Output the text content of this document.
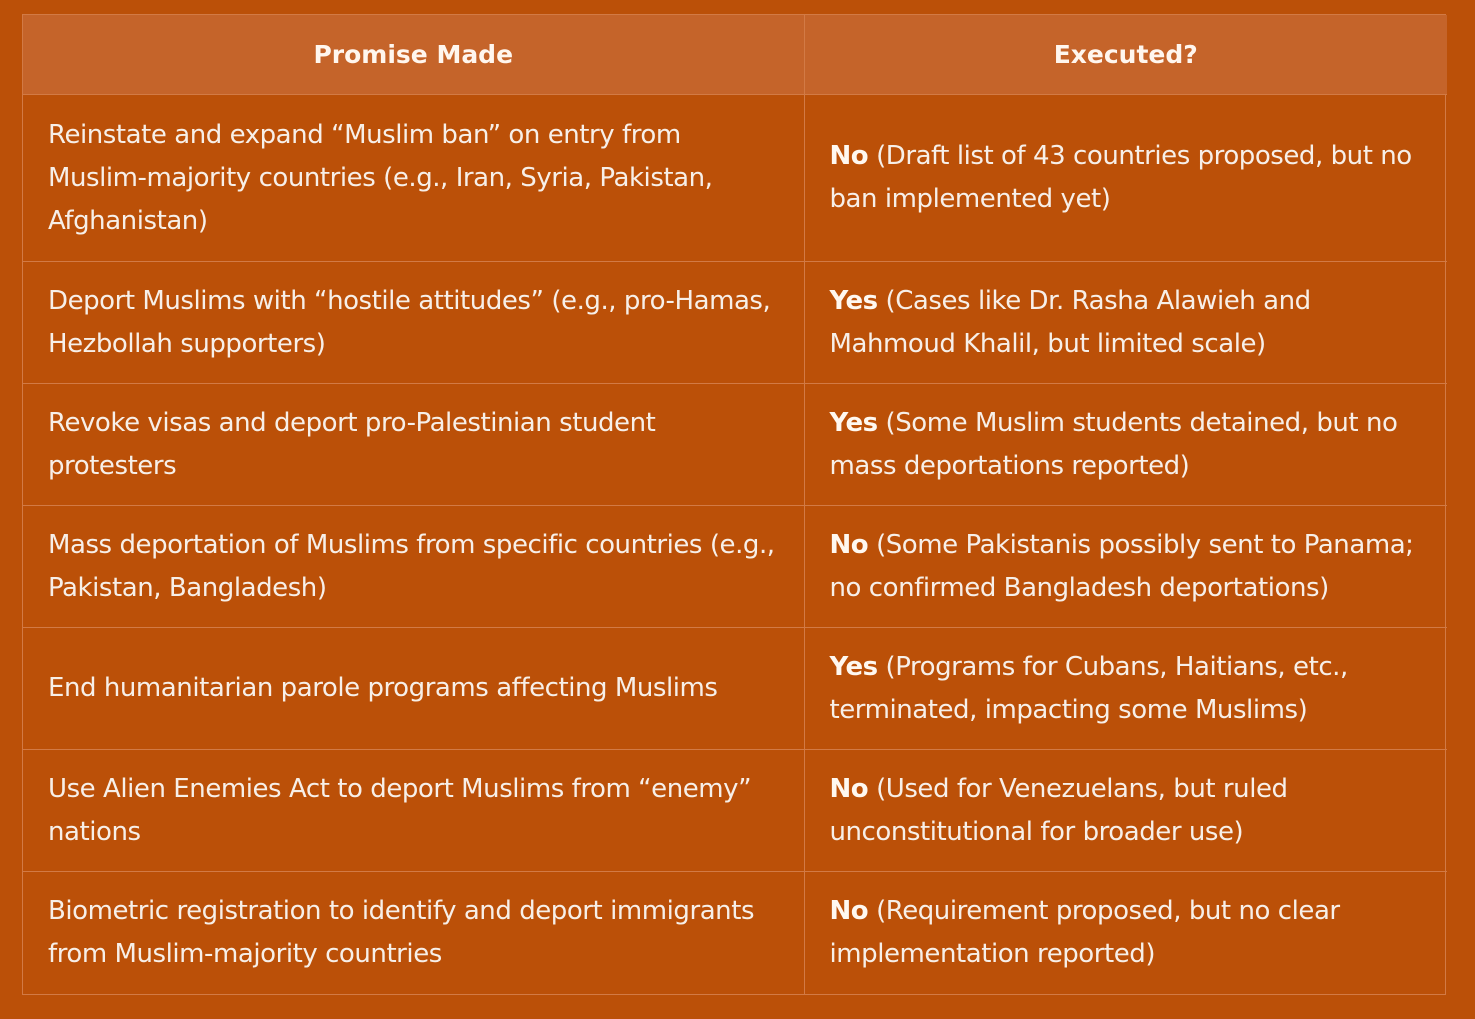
Promise Made	Executed?
Reinstate and expand “Muslim ban” on entry from Muslim-majority countries (e.g., Iran, Syria, Pakistan, Afghanistan)	No (Draft list of 43 countries proposed, but no ban implemented yet)
Deport Muslims with “hostile attitudes” (e.g., pro-Hamas, Hezbollah supporters)	Yes (Cases like Dr. Rasha Alawieh and Mahmoud Khalil, but limited scale)
Revoke visas and deport pro-Palestinian student protesters	Yes (Some Muslim students detained, but no mass deportations reported)
Mass deportation of Muslims from specific countries (e.g., Pakistan, Bangladesh)	No (Some Pakistanis possibly sent to Panama; no confirmed Bangladesh deportations)
End humanitarian parole programs affecting Muslims	Yes (Programs for Cubans, Haitians, etc., terminated, impacting some Muslims)
Use Alien Enemies Act to deport Muslims from “enemy” nations	No (Used for Venezuelans, but ruled unconstitutional for broader use)
Biometric registration to identify and deport immigrants from Muslim-majority countries	No (Requirement proposed, but no clear implementation reported)
